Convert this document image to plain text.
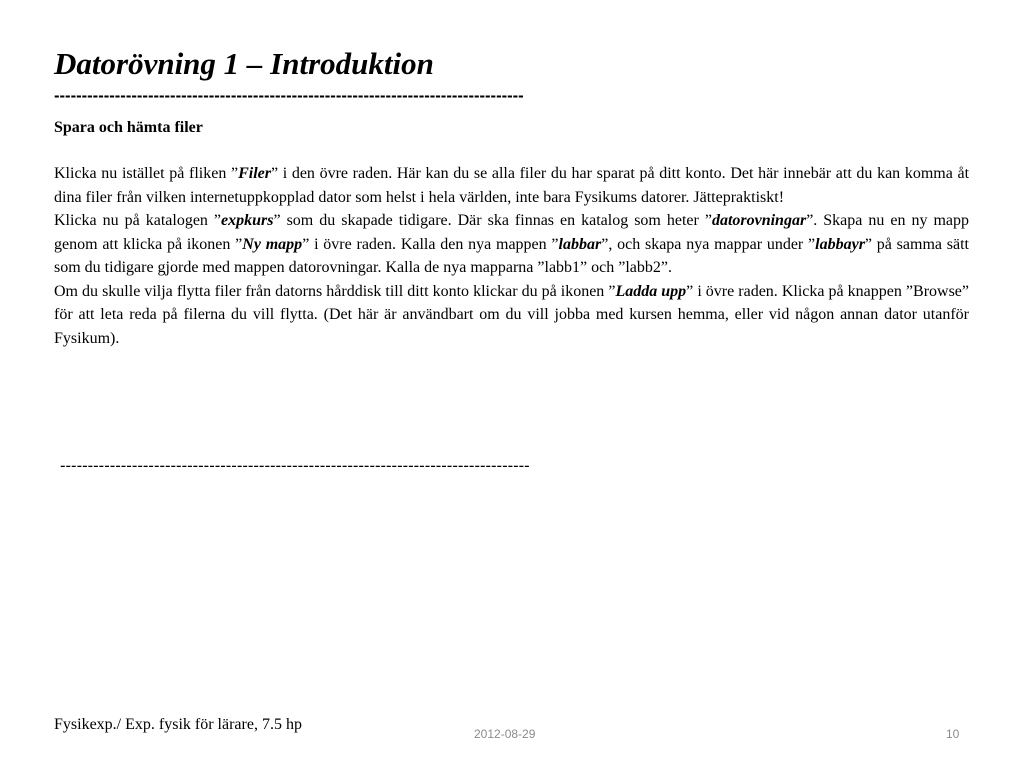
Datorövning 1 – Introduktion
-------------------------------------------------------------------------------------
Spara och hämta filer

Klicka nu istället på fliken ”Filer” i den övre raden. Här kan du se alla filer du har sparat på ditt konto. Det här innebär att du kan komma åt dina filer från vilken internetuppkopplad dator som helst i hela världen, inte bara Fysikums datorer. Jättepraktiskt!

Klicka nu på katalogen ”expkurs” som du skapade tidigare. Där ska finnas en katalog som heter ”datorovningar”. Skapa nu en ny mapp genom att klicka på ikonen ”Ny mapp” i övre raden. Kalla den nya mappen ”labbar”, och skapa nya mappar under ”labbayr” på samma sätt som du tidigare gjorde med mappen datorovningar. Kalla de nya mapparna ”labb1” och ”labb2”.

Om du skulle vilja flytta filer från datorns hårddisk till ditt konto klickar du på ikonen ”Ladda upp” i övre raden. Klicka på knappen ”Browse” för att leta reda på filerna du vill flytta. (Det här är användbart om du vill jobba med kursen hemma, eller vid någon annan dator utanför Fysikum).

-------------------------------------------------------------------------------------
Fysikexp./ Exp. fysik för lärare, 7.5 hp
2012-08-29	10
